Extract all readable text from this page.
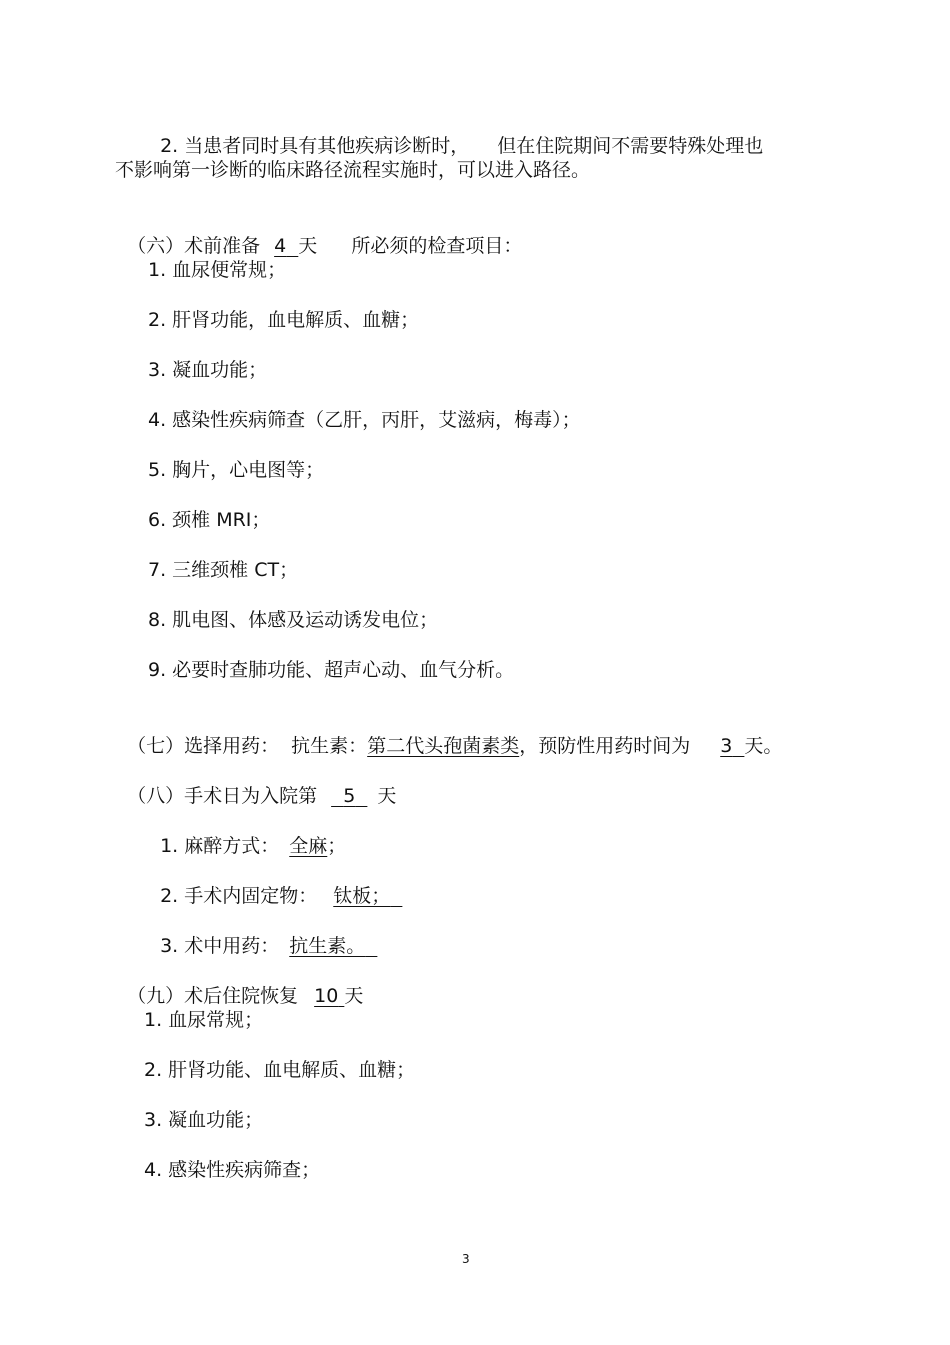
2. 当患者同时具有其他疾病诊断时， 但在住院期间不需要特殊处理也

不影响第一诊断的临床路径流程实施时，可以进入路径。

（六）术前准备 4 天 所必须的检查项目：

1. 血尿便常规；
2. 肝肾功能，血电解质、血糖；
3. 凝血功能；
4. 感染性疾病筛查（乙肝，丙肝，艾滋病，梅毒）；
5. 胸片，心电图等；
6. 颈椎 MRI；
7. 三维颈椎 CT；
8. 肌电图、体感及运动诱发电位；
9. 必要时查肺功能、超声心动、血气分析。

（七）选择用药：  抗生素：第二代头孢菌素类，预防性用药时间为 3 天。

（八）手术日为入院第 5 天

1. 麻醉方式： 全麻；

2. 手术内固定物： 钛板；

3. 术中用药： 抗生素。

（九）术后住院恢复 10 天

1. 血尿常规；
2. 肝肾功能、血电解质、血糖；
3. 凝血功能；
4. 感染性疾病筛查；
3
